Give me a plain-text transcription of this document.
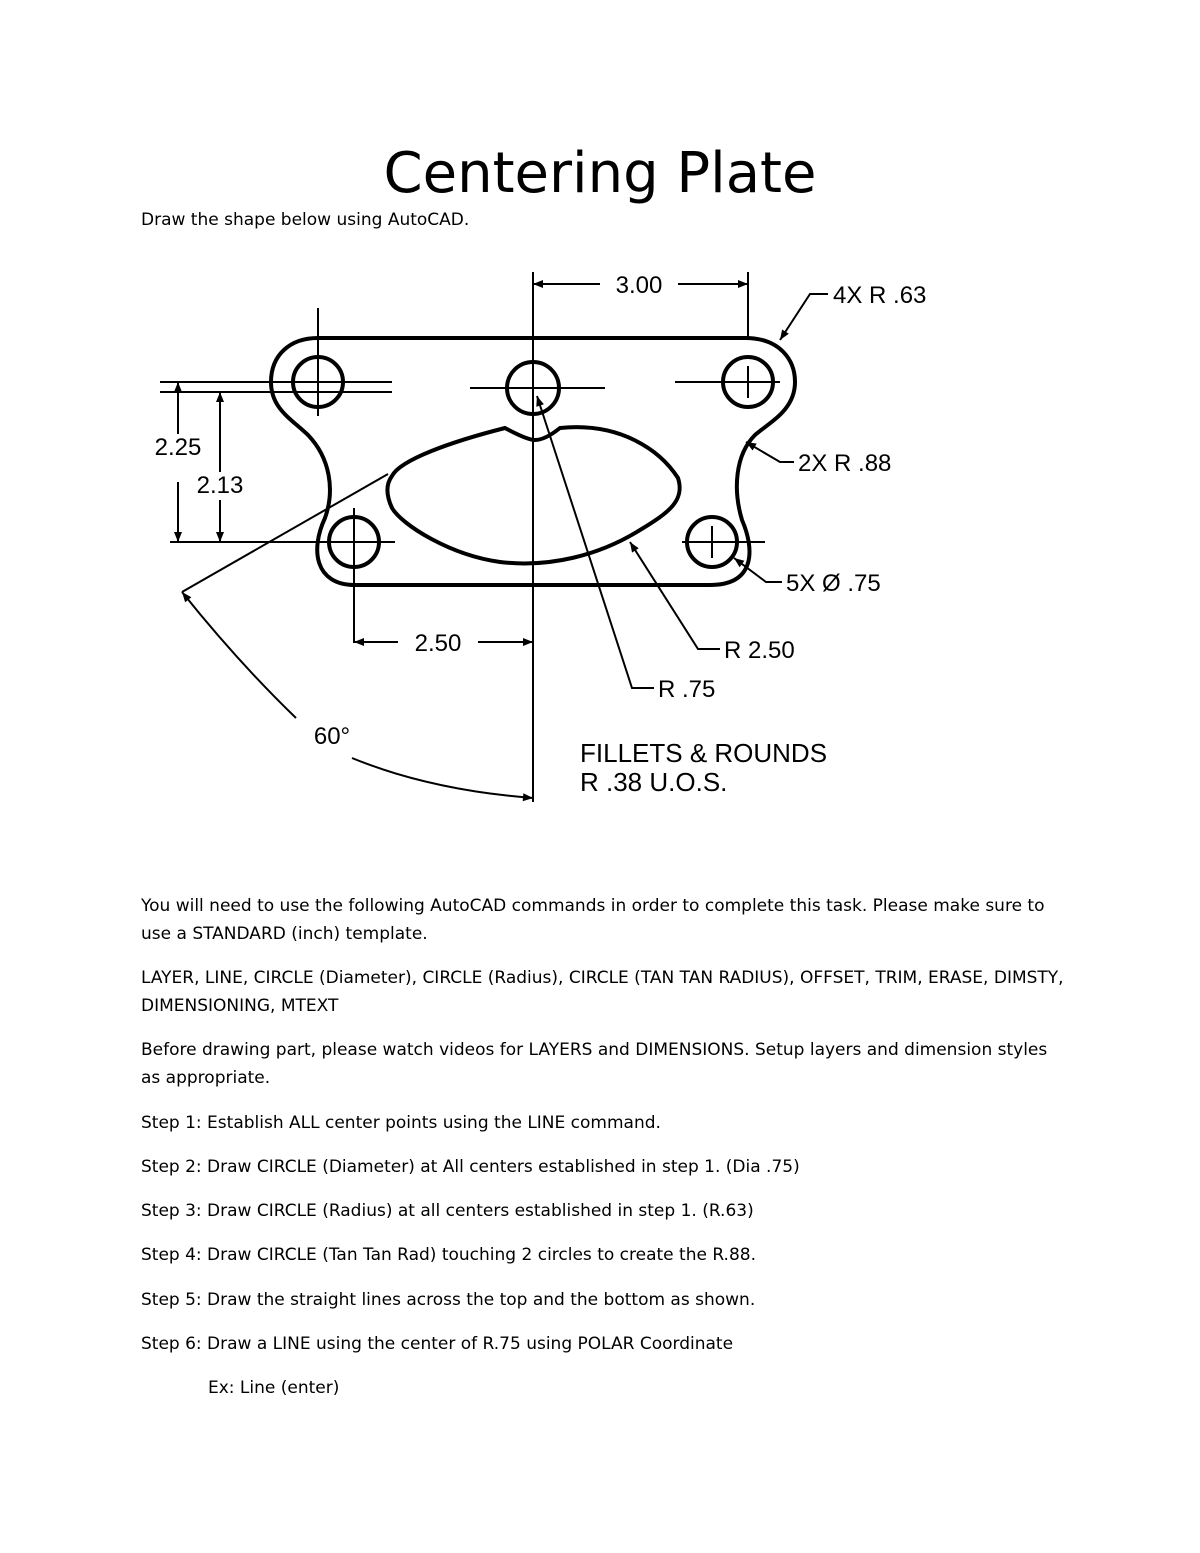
Centering Plate
Draw the shape below using AutoCAD.
3.00	4X R .63
2X R .88
5X Ø .75
2.25
2.13
2.50	R 2.50
R .75
60°
FILLETS & ROUNDS
R .38 U.O.S.
You will need to use the following AutoCAD commands in order to complete this task. Please make sure to use a STANDARD (inch) template.
LAYER, LINE, CIRCLE (Diameter), CIRCLE (Radius), CIRCLE (TAN TAN RADIUS), OFFSET, TRIM, ERASE, DIMSTY, DIMENSIONING, MTEXT
Before drawing part, please watch videos for LAYERS and DIMENSIONS. Setup layers and dimension styles as appropriate.
Step 1: Establish ALL center points using the LINE command.
Step 2: Draw CIRCLE (Diameter) at All centers established in step 1. (Dia .75)
Step 3: Draw CIRCLE (Radius) at all centers established in step 1. (R.63)
Step 4: Draw CIRCLE (Tan Tan Rad) touching 2 circles to create the R.88.
Step 5: Draw the straight lines across the top and the bottom as shown.
Step 6: Draw a LINE using the center of R.75 using POLAR Coordinate
Ex: Line (enter)
